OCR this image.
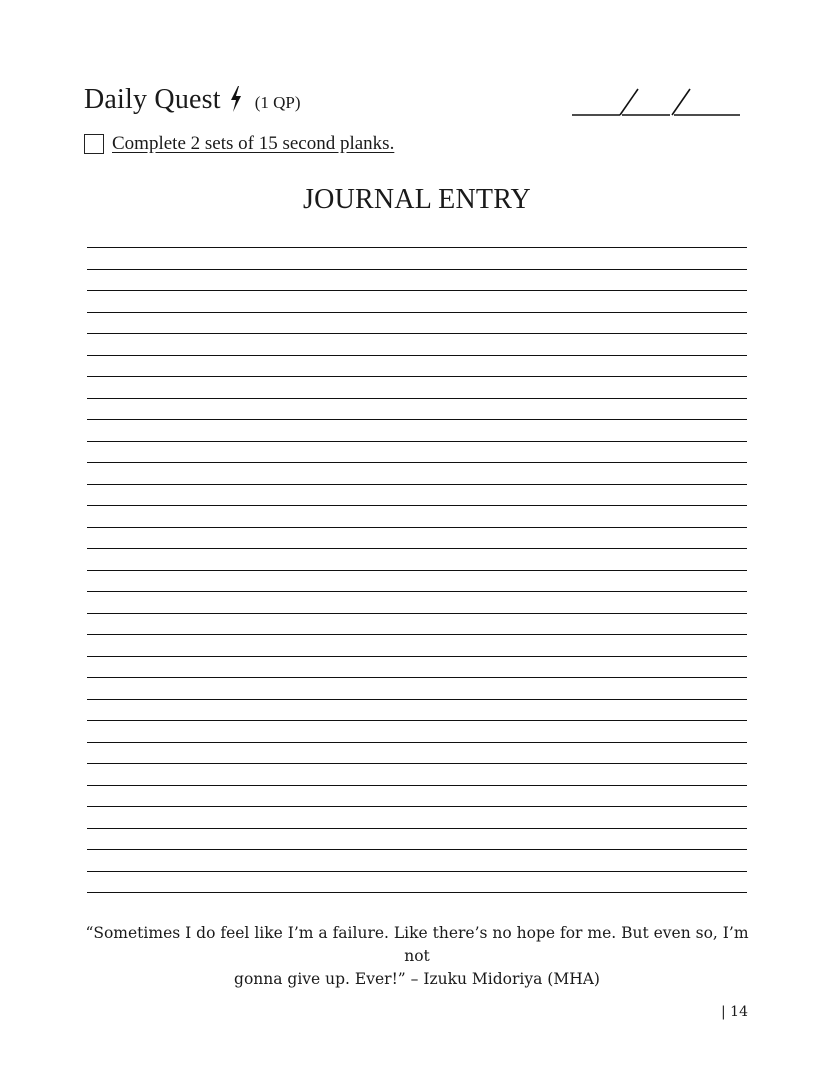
Daily Quest (1 QP)
Complete 2 sets of 15 second planks.
JOURNAL ENTRY
“Sometimes I do feel like I’m a failure. Like there’s no hope for me. But even so, I’m not
gonna give up. Ever!” – Izuku Midoriya (MHA)
| 14
